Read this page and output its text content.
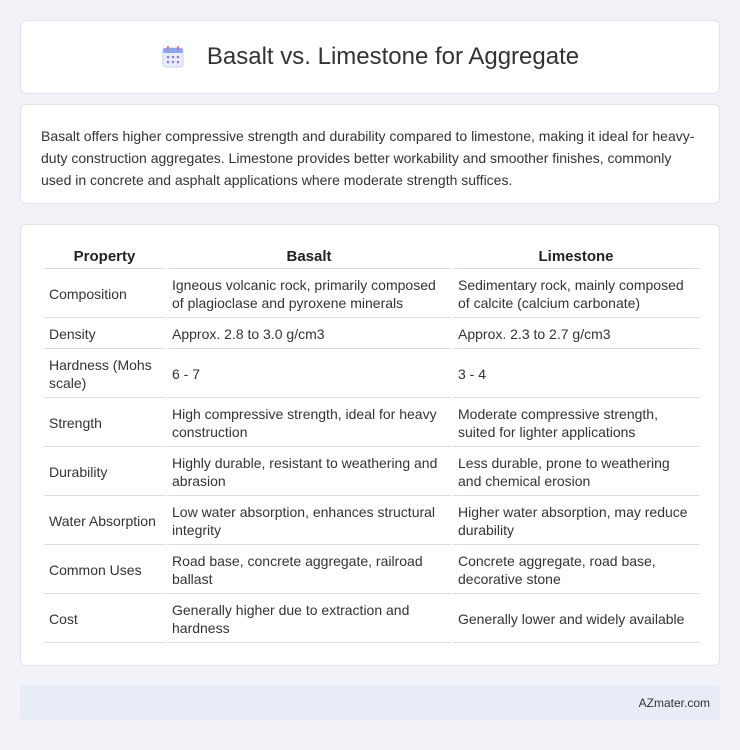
Basalt vs. Limestone for Aggregate

Basalt offers higher compressive strength and durability compared to limestone, making it ideal for heavy-duty construction aggregates. Limestone provides better workability and smoother finishes, commonly used in concrete and asphalt applications where moderate strength suffices.

Property	Basalt	Limestone
Composition	Igneous volcanic rock, primarily composed of plagioclase and pyroxene minerals	Sedimentary rock, mainly composed of calcite (calcium carbonate)
Density	Approx. 2.8 to 3.0 g/cm3	Approx. 2.3 to 2.7 g/cm3
Hardness (Mohs scale)	6 - 7	3 - 4
Strength	High compressive strength, ideal for heavy construction	Moderate compressive strength, suited for lighter applications
Durability	Highly durable, resistant to weathering and abrasion	Less durable, prone to weathering and chemical erosion
Water Absorption	Low water absorption, enhances structural integrity	Higher water absorption, may reduce durability
Common Uses	Road base, concrete aggregate, railroad ballast	Concrete aggregate, road base, decorative stone
Cost	Generally higher due to extraction and hardness	Generally lower and widely available
AZmater.com
